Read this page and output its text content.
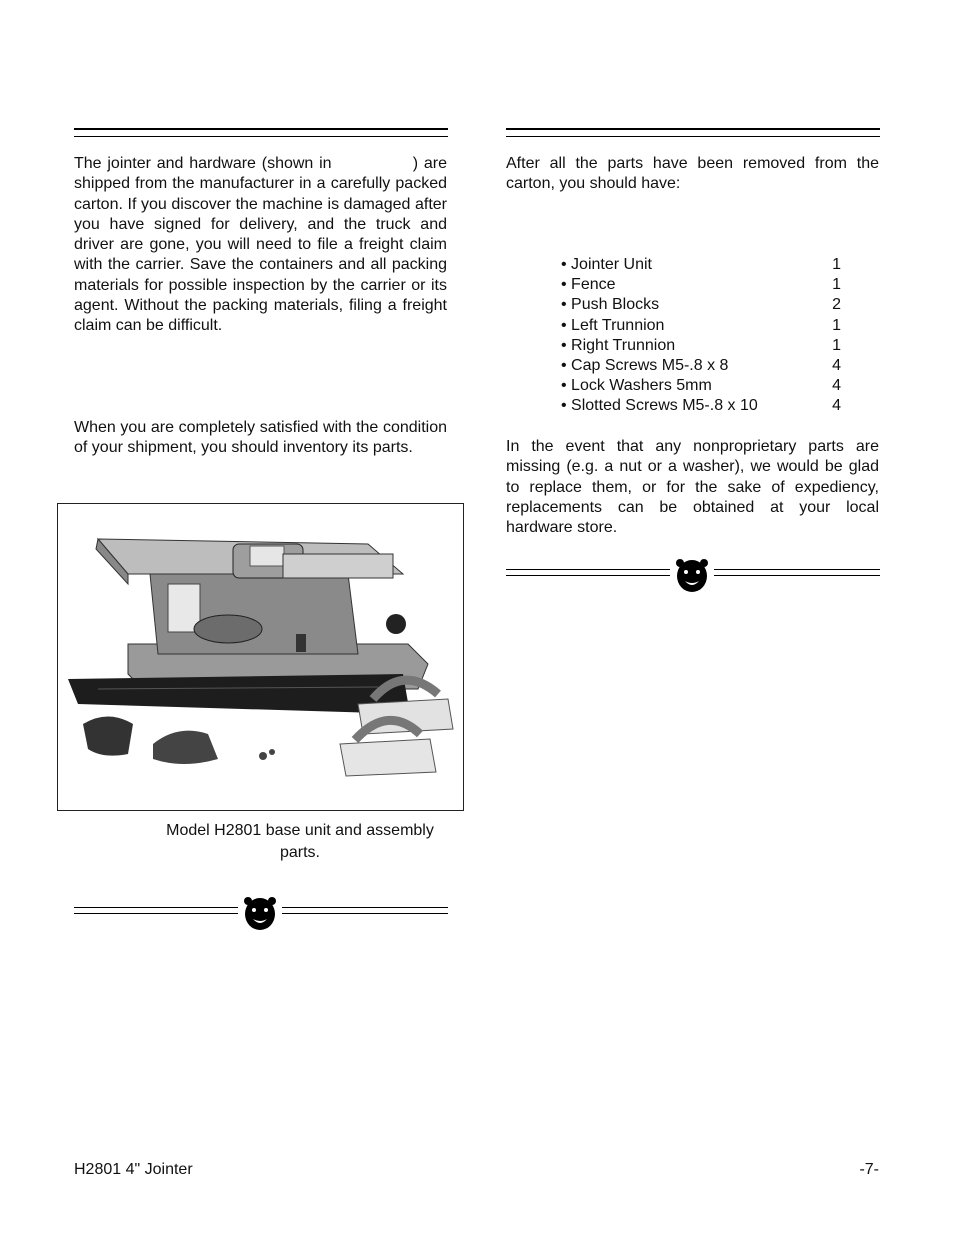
The jointer and hardware (shown in              ) are shipped from the manufacturer in a carefully packed carton. If you discover the machine is damaged after you have signed for delivery, and the truck and driver are gone, you will need to file a freight claim with the carrier. Save the containers and all packing materials for possible inspection by the carrier or its agent. Without the packing materials, filing a freight claim can be difficult.

When you are completely satisfied with the condition of your shipment, you should inventory its parts.

Model H2801 base unit and assembly parts.

After all the parts have been removed from the carton, you should have:

• Jointer Unit	1
• Fence	1
• Push Blocks	2
• Left Trunnion	1
• Right Trunnion	1
• Cap Screws M5-.8 x 8	4
• Lock Washers 5mm	4
• Slotted Screws M5-.8 x 10	4

In the event that any nonproprietary parts are missing (e.g. a nut or a washer), we would be glad to replace them, or for the sake of expediency, replacements can be obtained at your local hardware store.

H2801 4" Jointer	-7-
